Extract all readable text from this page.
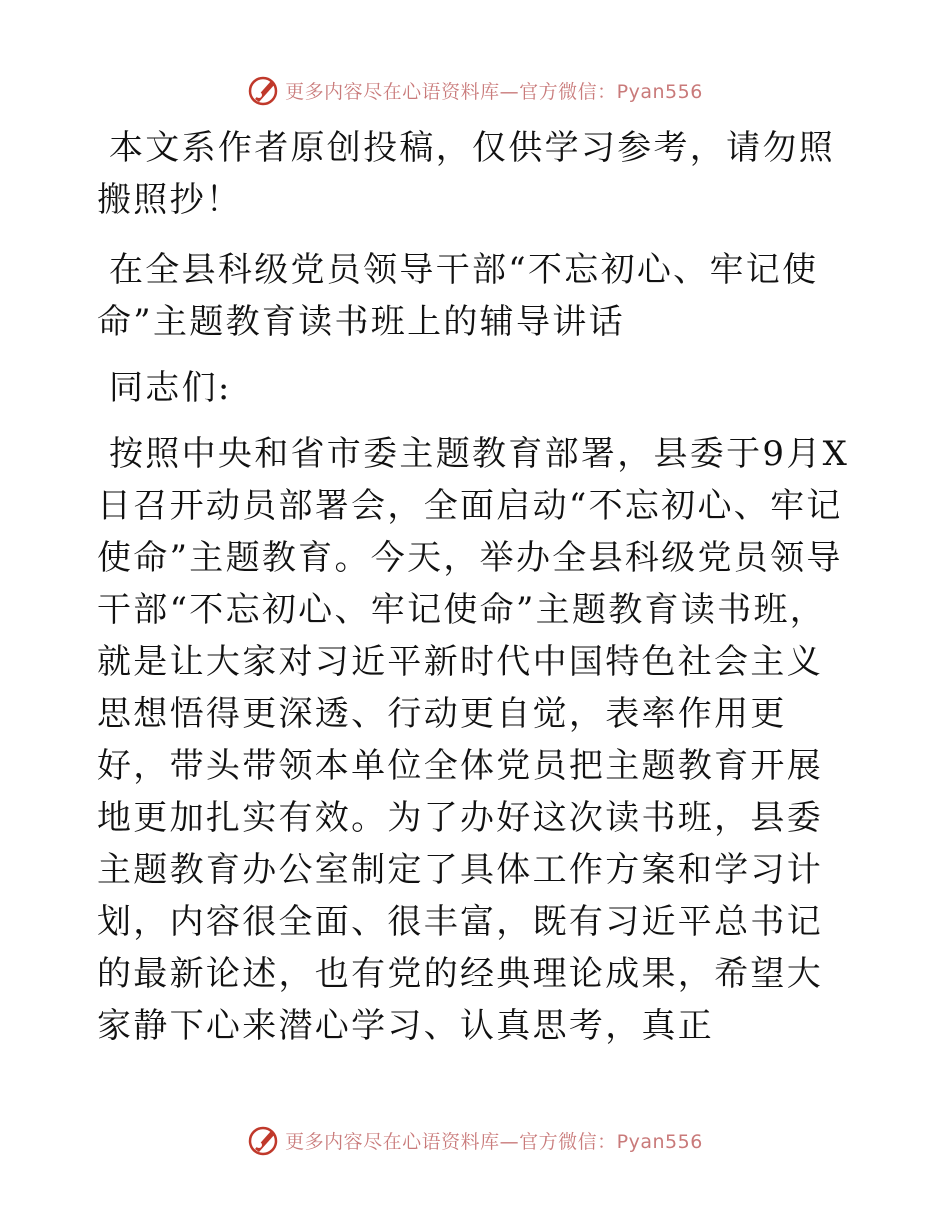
更多内容尽在心语资料库—官方微信：Pyan556

本文系作者原创投稿，仅供学习参考，请勿照搬照抄！

在全县科级党员领导干部“不忘初心、牢记使命”主题教育读书班上的辅导讲话

同志们:

按照中央和省市委主题教育部署，县委于9月X日召开动员部署会，全面启动“不忘初心、牢记使命”主题教育。今天，举办全县科级党员领导干部“不忘初心、牢记使命”主题教育读书班，就是让大家对习近平新时代中国特色社会主义思想悟得更深透、行动更自觉，表率作用更好，带头带领本单位全体党员把主题教育开展地更加扎实有效。为了办好这次读书班，县委主题教育办公室制定了具体工作方案和学习计划，内容很全面、很丰富，既有习近平总书记的最新论述，也有党的经典理论成果，希望大家静下心来潜心学习、认真思考，真正

更多内容尽在心语资料库—官方微信：Pyan556
